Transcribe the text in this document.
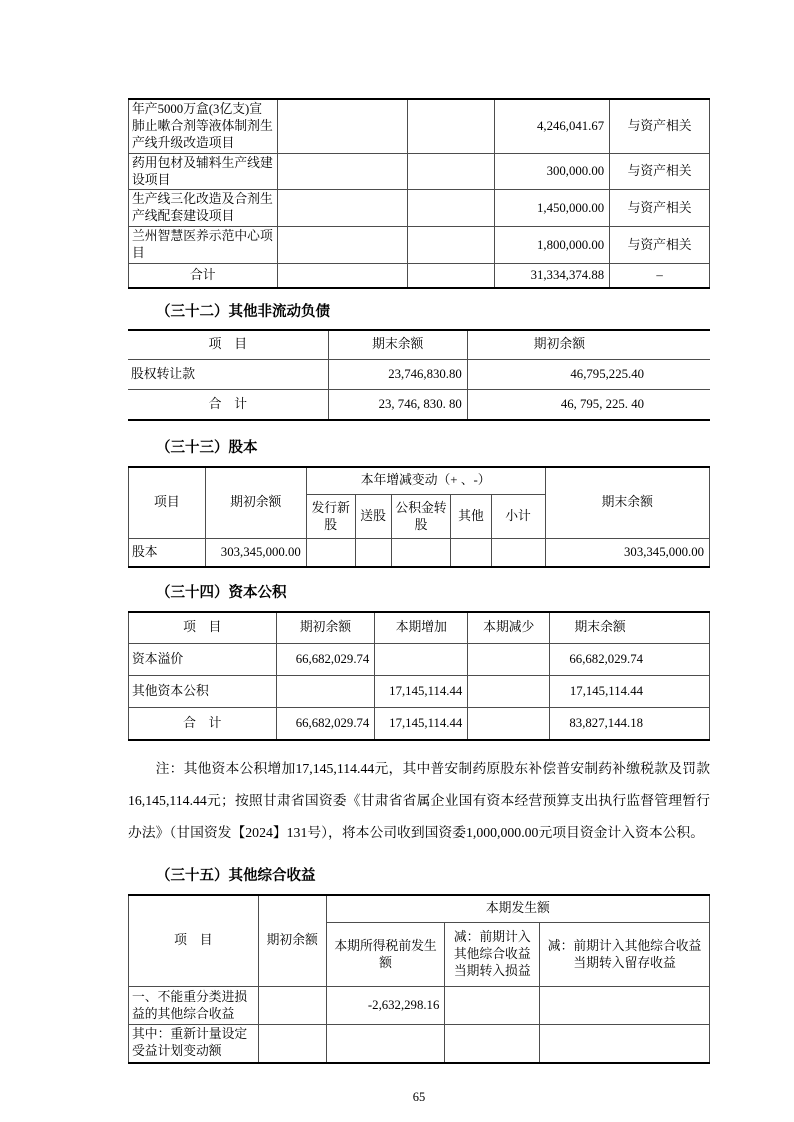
年产5000万盒(3亿支)宣肺止嗽合剂等液体制剂生产线升级改造项目			4,246,041.67	与资产相关
药用包材及辅料生产线建设项目			300,000.00	与资产相关
生产线三化改造及合剂生产线配套建设项目			1,450,000.00	与资产相关
兰州智慧医养示范中心项目			1,800,000.00	与资产相关
合计			31,334,374.88	–
（三十二）其他非流动负债
项　目	期末余额	期初余额
股权转让款	23,746,830.80	46,795,225.40
合　计	23, 746, 830. 80	46, 795, 225. 40
（三十三）股本
项目	期初余额	本年增减变动（+ 、-）					期末余额
		发行新股	送股	公积金转股	其他	小计	
股本	303,345,000.00						303,345,000.00
（三十四）资本公积
项　目	期初余额	本期增加	本期减少	期末余额
资本溢价	66,682,029.74			66,682,029.74
其他资本公积		17,145,114.44		17,145,114.44
合　计	66,682,029.74	17,145,114.44		83,827,144.18

注：其他资本公积增加17,145,114.44元，其中普安制药原股东补偿普安制药补缴税款及罚款16,145,114.44元；按照甘肃省国资委《甘肃省省属企业国有资本经营预算支出执行监督管理暂行办法》（甘国资发【2024】131号），将本公司收到国资委1,000,000.00元项目资金计入资本公积。

（三十五）其他综合收益
项　目	期初余额	本期发生额		
		本期所得税前发生额	减：前期计入其他综合收益当期转入损益	减：前期计入其他综合收益当期转入留存收益
一、不能重分类进损益的其他综合收益		-2,632,298.16		
其中：重新计量设定受益计划变动额				
65
